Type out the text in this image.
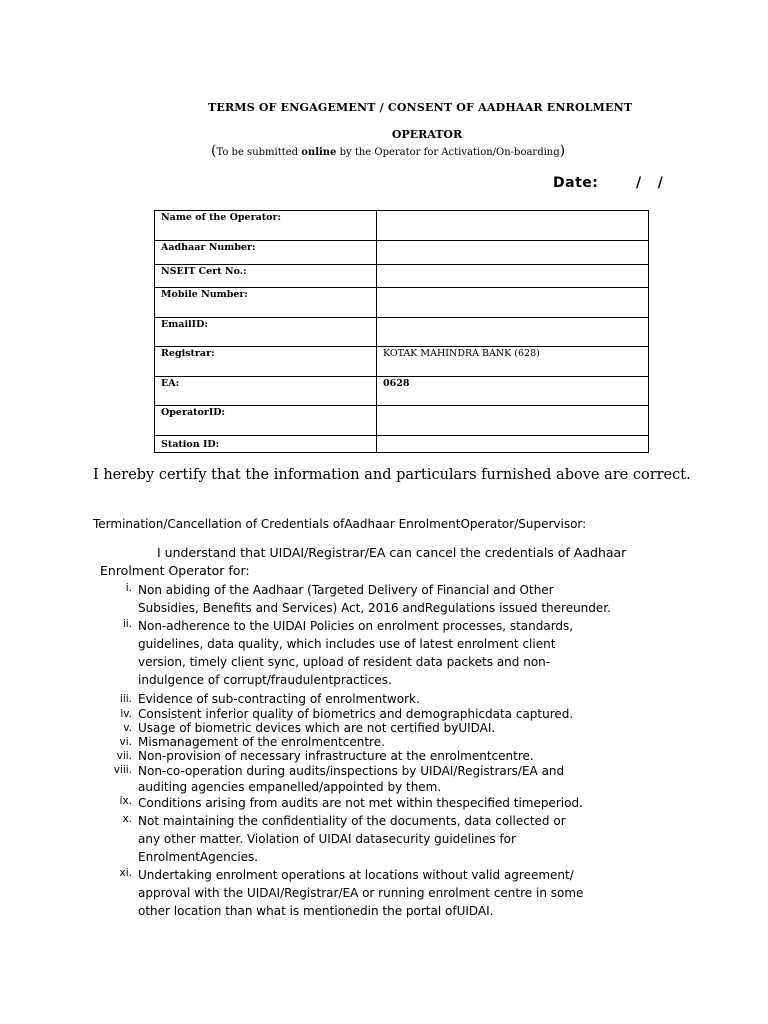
TERMS OF ENGAGEMENT / CONSENT OF AADHAAR ENROLMENT
OPERATOR
(To be submitted online by the Operator for Activation/On-boarding)
Date:       /   /
Name of the Operator:	
Aadhaar Number:	
NSEIT Cert No.:	
Mobile Number:	
EmailID:	
Registrar:	KOTAK MAHINDRA BANK (628)
EA:	0628
OperatorID:	
Station ID:	
I hereby certify that the information and particulars furnished above are correct.
Termination/Cancellation of Credentials ofAadhaar EnrolmentOperator/Supervisor:
I understand that UIDAI/Registrar/EA can cancel the credentials of Aadhaar
Enrolment Operator for:
i. Non abiding of the Aadhaar (Targeted Delivery of Financial and Other
Subsidies, Benefits and Services) Act, 2016 andRegulations issued thereunder.
ii. Non-adherence to the UIDAI Policies on enrolment processes, standards,
guidelines, data quality, which includes use of latest enrolment client
version, timely client sync, upload of resident data packets and non-
indulgence of corrupt/fraudulentpractices.
iii. Evidence of sub-contracting of enrolmentwork.
iv. Consistent inferior quality of biometrics and demographicdata captured.
v. Usage of biometric devices which are not certified byUIDAI.
vi. Mismanagement of the enrolmentcentre.
vii. Non-provision of necessary infrastructure at the enrolmentcentre.
viii. Non-co-operation during audits/inspections by UIDAI/Registrars/EA and
auditing agencies empanelled/appointed by them.
ix. Conditions arising from audits are not met within thespecified timeperiod.
x. Not maintaining the confidentiality of the documents, data collected or
any other matter. Violation of UIDAI datasecurity guidelines for
EnrolmentAgencies.
xi. Undertaking enrolment operations at locations without valid agreement/
approval with the UIDAI/Registrar/EA or running enrolment centre in some
other location than what is mentionedin the portal ofUIDAI.
